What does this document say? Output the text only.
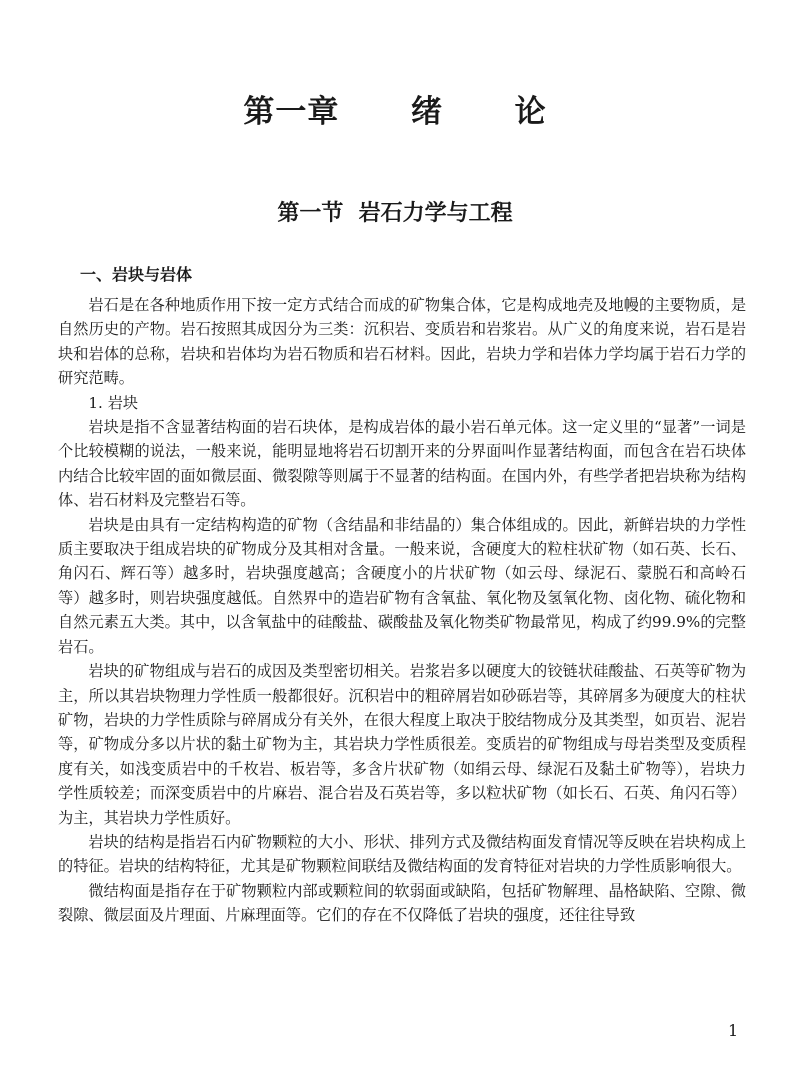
第一章  绪  论
第一节  岩石力学与工程
一、岩块与岩体

岩石是在各种地质作用下按一定方式结合而成的矿物集合体，它是构成地壳及地幔的主要物质，是自然历史的产物。岩石按照其成因分为三类：沉积岩、变质岩和岩浆岩。从广义的角度来说，岩石是岩块和岩体的总称，岩块和岩体均为岩石物质和岩石材料。因此，岩块力学和岩体力学均属于岩石力学的研究范畴。

1. 岩块

岩块是指不含显著结构面的岩石块体，是构成岩体的最小岩石单元体。这一定义里的“显著”一词是个比较模糊的说法，一般来说，能明显地将岩石切割开来的分界面叫作显著结构面，而包含在岩石块体内结合比较牢固的面如微层面、微裂隙等则属于不显著的结构面。在国内外，有些学者把岩块称为结构体、岩石材料及完整岩石等。

岩块是由具有一定结构构造的矿物（含结晶和非结晶的）集合体组成的。因此，新鲜岩块的力学性质主要取决于组成岩块的矿物成分及其相对含量。一般来说，含硬度大的粒柱状矿物（如石英、长石、角闪石、辉石等）越多时，岩块强度越高；含硬度小的片状矿物（如云母、绿泥石、蒙脱石和高岭石等）越多时，则岩块强度越低。自然界中的造岩矿物有含氧盐、氧化物及氢氧化物、卤化物、硫化物和自然元素五大类。其中，以含氧盐中的硅酸盐、碳酸盐及氧化物类矿物最常见，构成了约99.9%的完整岩石。

岩块的矿物组成与岩石的成因及类型密切相关。岩浆岩多以硬度大的铰链状硅酸盐、石英等矿物为主，所以其岩块物理力学性质一般都很好。沉积岩中的粗碎屑岩如砂砾岩等，其碎屑多为硬度大的柱状矿物，岩块的力学性质除与碎屑成分有关外，在很大程度上取决于胶结物成分及其类型，如页岩、泥岩等，矿物成分多以片状的黏土矿物为主，其岩块力学性质很差。变质岩的矿物组成与母岩类型及变质程度有关，如浅变质岩中的千枚岩、板岩等，多含片状矿物（如绢云母、绿泥石及黏土矿物等），岩块力学性质较差；而深变质岩中的片麻岩、混合岩及石英岩等，多以粒状矿物（如长石、石英、角闪石等）为主，其岩块力学性质好。

岩块的结构是指岩石内矿物颗粒的大小、形状、排列方式及微结构面发育情况等反映在岩块构成上的特征。岩块的结构特征，尤其是矿物颗粒间联结及微结构面的发育特征对岩块的力学性质影响很大。

微结构面是指存在于矿物颗粒内部或颗粒间的软弱面或缺陷，包括矿物解理、晶格缺陷、空隙、微裂隙、微层面及片理面、片麻理面等。它们的存在不仅降低了岩块的强度，还往往导致

1
